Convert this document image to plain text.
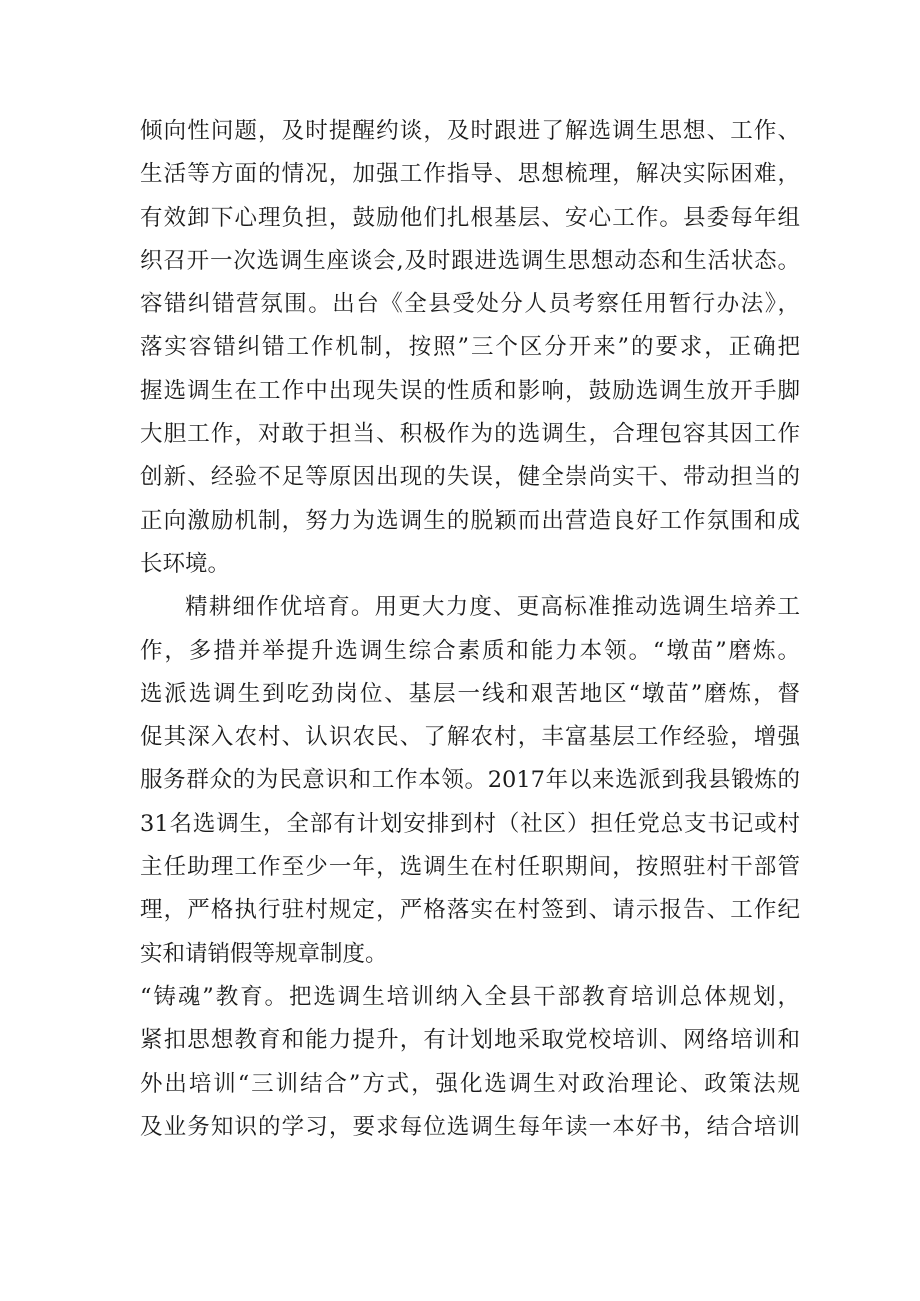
倾向性问题，及时提醒约谈，及时跟进了解选调生思想、工作、
生活等方面的情况，加强工作指导、思想梳理，解决实际困难，
有效卸下心理负担，鼓励他们扎根基层、安心工作。县委每年组
织召开一次选调生座谈会,及时跟进选调生思想动态和生活状态。
容错纠错营氛围。出台《全县受处分人员考察任用暂行办法》，
落实容错纠错工作机制，按照”三个区分开来”的要求，正确把
握选调生在工作中出现失误的性质和影响，鼓励选调生放开手脚
大胆工作，对敢于担当、积极作为的选调生，合理包容其因工作
创新、经验不足等原因出现的失误，健全崇尚实干、带动担当的
正向激励机制，努力为选调生的脱颖而出营造良好工作氛围和成
长环境。
精耕细作优培育。用更大力度、更高标准推动选调生培养工
作，多措并举提升选调生综合素质和能力本领。“墩苗”磨炼。
选派选调生到吃劲岗位、基层一线和艰苦地区“墩苗”磨炼，督
促其深入农村、认识农民、了解农村，丰富基层工作经验，增强
服务群众的为民意识和工作本领。2017年以来选派到我县锻炼的
31名选调生，全部有计划安排到村（社区）担任党总支书记或村
主任助理工作至少一年，选调生在村任职期间，按照驻村干部管
理，严格执行驻村规定，严格落实在村签到、请示报告、工作纪
实和请销假等规章制度。
“铸魂”教育。把选调生培训纳入全县干部教育培训总体规划，
紧扣思想教育和能力提升，有计划地采取党校培训、网络培训和
外出培训“三训结合”方式，强化选调生对政治理论、政策法规
及业务知识的学习，要求每位选调生每年读一本好书，结合培训
